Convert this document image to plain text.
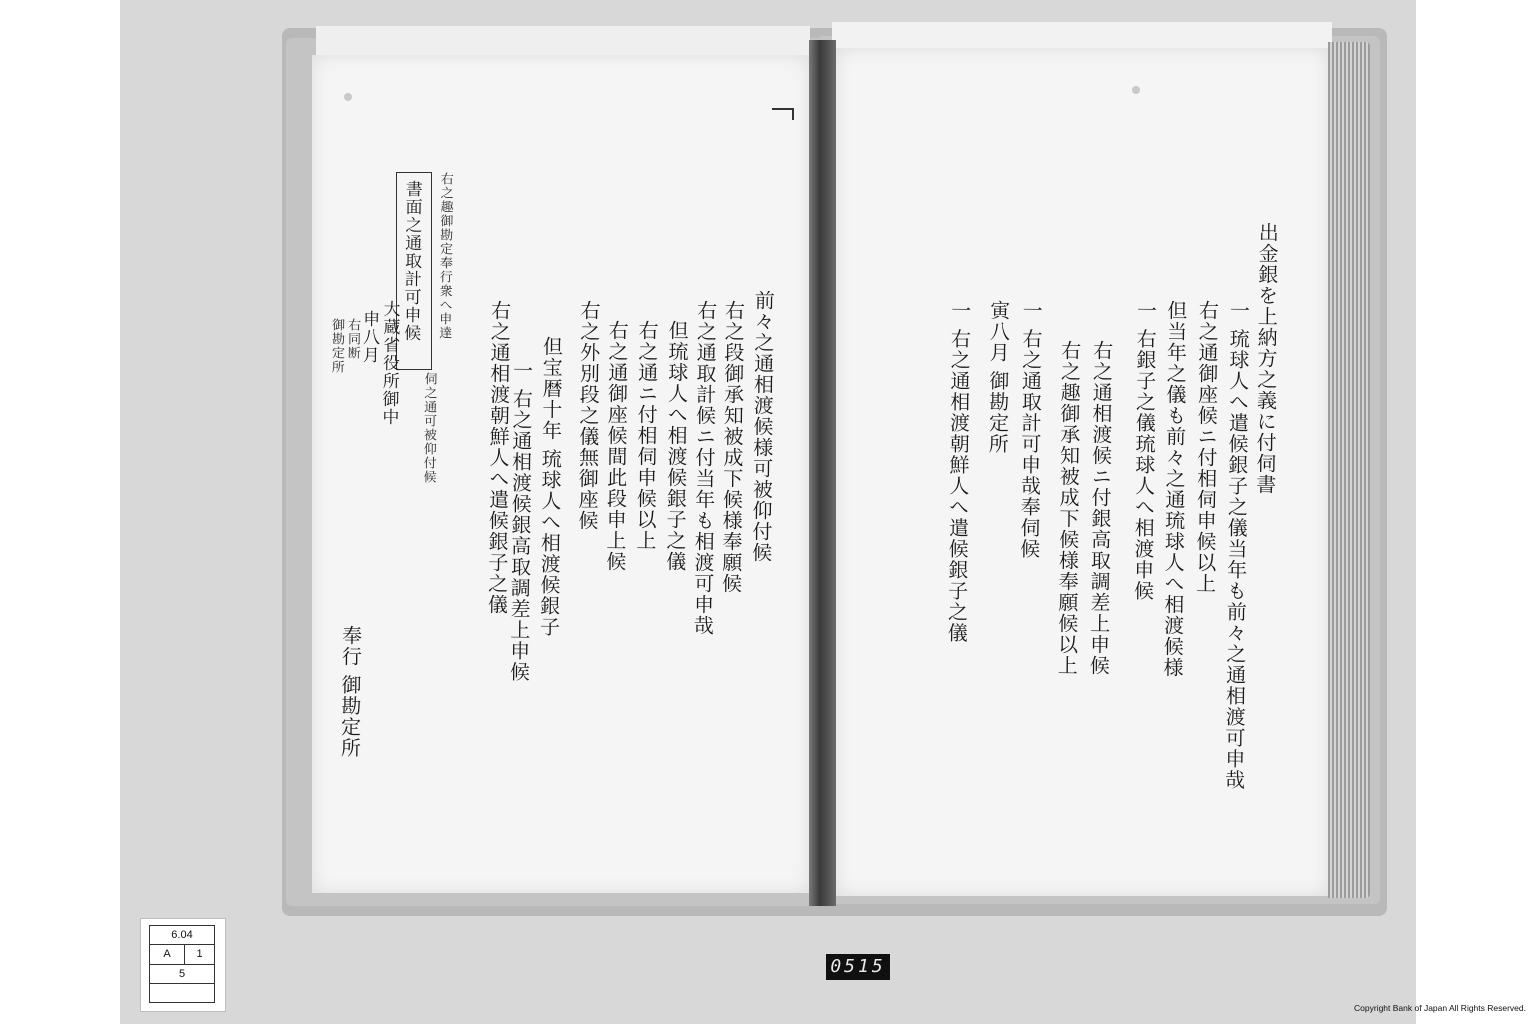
書面之通取計可申候 右之趣御勘定奉行衆へ申達
伺之通可被仰付候	前々之通相渡候様可被仰付候
右之段御承知被成下候様奉願候
右之通取計候ニ付当年も相渡可申哉
但琉球人へ相渡候銀子之儀
右之通ニ付相伺申候以上
右之通御座候間此段申上候
右之外別段之儀無御座候
但宝暦十年 琉球人へ相渡候銀子
一 右之通相渡候銀高取調差上申候
右之通相渡朝鮮人へ遣候銀子之儀
申八月 大蔵省役所御中
御勘定所 右同断
奉行 御勘定所
出金銀を上納方之義に付伺書
一 琉球人へ遣候銀子之儀当年も前々之通相渡可申哉
右之通御座候ニ付相伺申候以上
但当年之儀も前々之通琉球人へ相渡候様
一 右銀子之儀琉球人へ相渡申候
右之通相渡候ニ付銀高取調差上申候
右之趣御承知被成下候様奉願候以上
一 右之通取計可申哉奉伺候
寅八月 御勘定所
一 右之通相渡朝鮮人へ遣候銀子之儀
6.04
A	1
5	0515
Copyright Bank of Japan All Rights Reserved.
